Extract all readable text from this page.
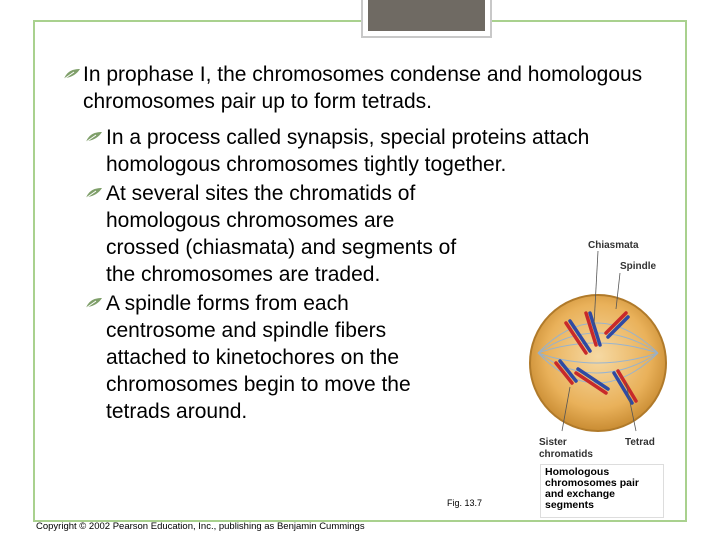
In prophase I, the chromosomes condense and homologous chromosomes pair up to form tetrads.
In a process called synapsis, special proteins attach homologous chromosomes tightly together.
At several sites the chromatids of homologous chromosomes are crossed (chiasmata) and segments of the chromosomes are traded.
A spindle forms from each centrosome and spindle fibers attached to kinetochores on the chromosomes begin to move the tetrads around.
Chiasmata
Spindle
Sister
chromatids
Tetrad
Homologous chromosomes pair and exchange segments
Fig. 13.7
Copyright © 2002 Pearson Education, Inc., publishing as Benjamin Cummings
